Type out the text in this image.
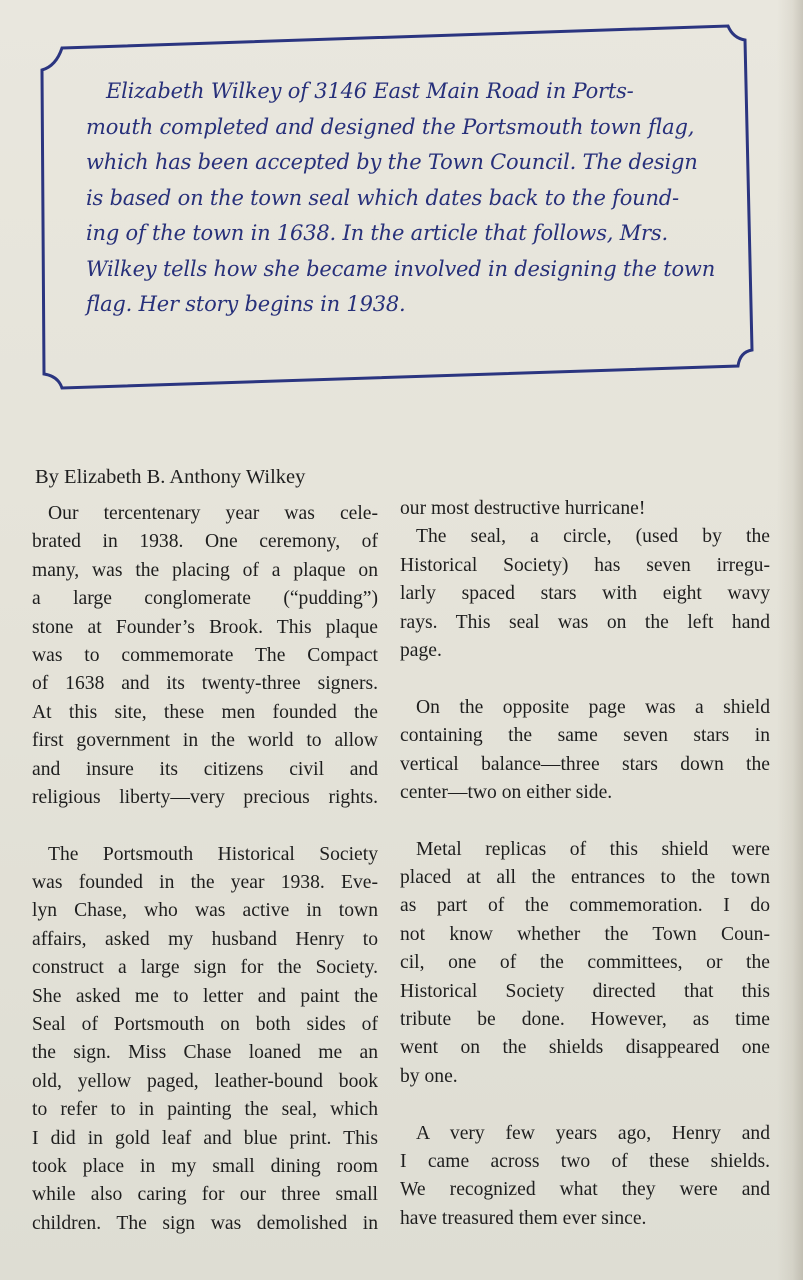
Elizabeth Wilkey of 3146 East Main Road in Ports-
mouth completed and designed the Portsmouth town flag,
which has been accepted by the Town Council. The design
is based on the town seal which dates back to the found-
ing of the town in 1638. In the article that follows, Mrs.
Wilkey tells how she became involved in designing the town
flag. Her story begins in 1938.
By Elizabeth B. Anthony Wilkey
Our tercentenary year was cele-
brated in 1938. One ceremony, of
many, was the placing of a plaque on
a large conglomerate (“pudding”)
stone at Founder’s Brook. This plaque
was to commemorate The Compact
of 1638 and its twenty-three signers.
At this site, these men founded the
first government in the world to allow
and insure its citizens civil and
religious liberty—very precious rights.
The Portsmouth Historical Society
was founded in the year 1938. Eve-
lyn Chase, who was active in town
affairs, asked my husband Henry to
construct a large sign for the Society.
She asked me to letter and paint the
Seal of Portsmouth on both sides of
the sign. Miss Chase loaned me an
old, yellow paged, leather-bound book
to refer to in painting the seal, which
I did in gold leaf and blue print. This
took place in my small dining room
while also caring for our three small
children. The sign was demolished in
our most destructive hurricane!
The seal, a circle, (used by the
Historical Society) has seven irregu-
larly spaced stars with eight wavy
rays. This seal was on the left hand
page.
On the opposite page was a shield
containing the same seven stars in
vertical balance—three stars down the
center—two on either side.
Metal replicas of this shield were
placed at all the entrances to the town
as part of the commemoration. I do
not know whether the Town Coun-
cil, one of the committees, or the
Historical Society directed that this
tribute be done. However, as time
went on the shields disappeared one
by one.
A very few years ago, Henry and
I came across two of these shields.
We recognized what they were and
have treasured them ever since.
